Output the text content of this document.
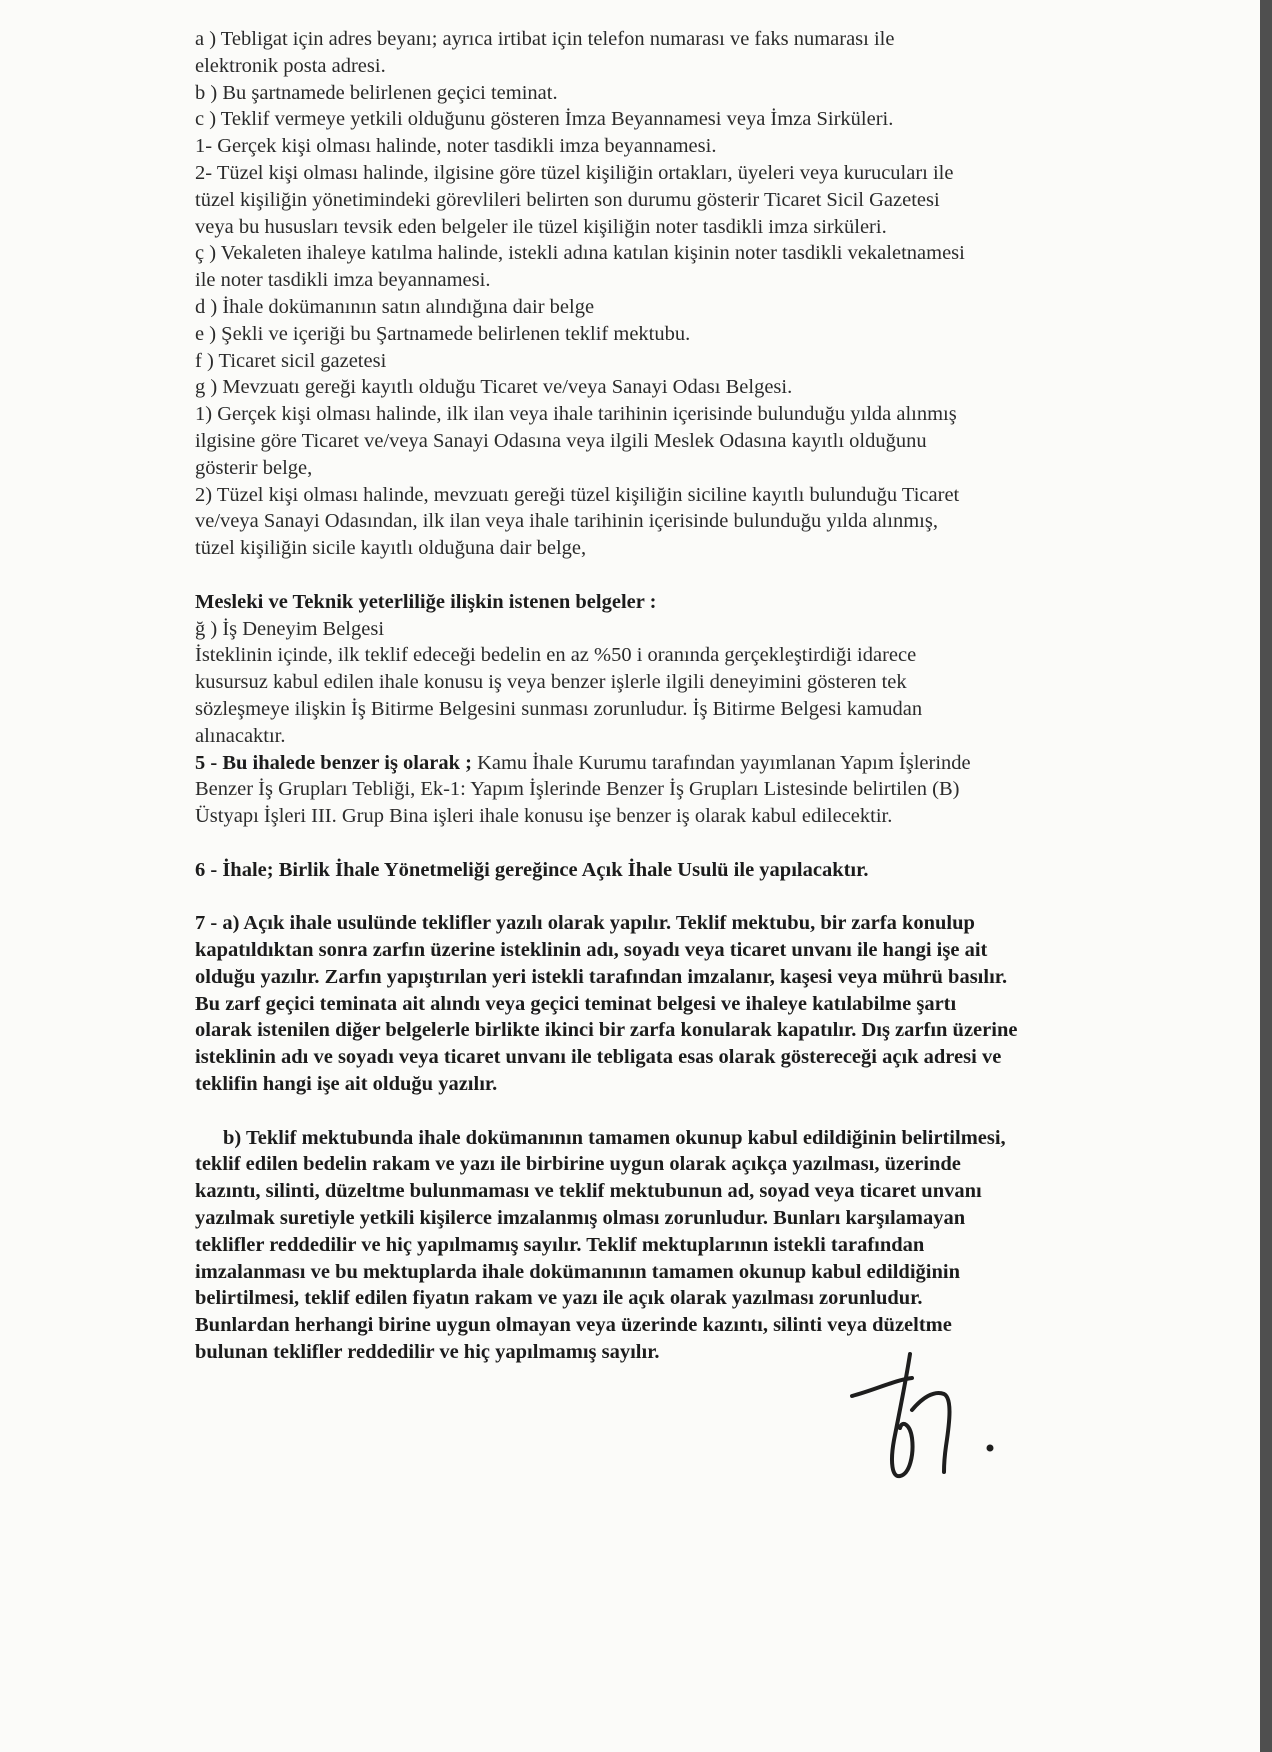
a ) Tebligat için adres beyanı; ayrıca irtibat için telefon numarası ve faks numarası ile
elektronik posta adresi.
b ) Bu şartnamede belirlenen geçici teminat.
c ) Teklif vermeye yetkili olduğunu gösteren İmza Beyannamesi veya İmza Sirküleri.
1- Gerçek kişi olması halinde, noter tasdikli imza beyannamesi.
2- Tüzel kişi olması halinde, ilgisine göre tüzel kişiliğin ortakları, üyeleri veya kurucuları ile
tüzel kişiliğin yönetimindeki görevlileri belirten son durumu gösterir Ticaret Sicil Gazetesi
veya bu hususları tevsik eden belgeler ile tüzel kişiliğin noter tasdikli imza sirküleri.
ç ) Vekaleten ihaleye katılma halinde, istekli adına katılan kişinin noter tasdikli vekaletnamesi
ile noter tasdikli imza beyannamesi.
d ) İhale dokümanının satın alındığına dair belge
e ) Şekli ve içeriği bu Şartnamede belirlenen teklif mektubu.
f ) Ticaret sicil gazetesi
g ) Mevzuatı gereği kayıtlı olduğu Ticaret ve/veya Sanayi Odası Belgesi.
1) Gerçek kişi olması halinde, ilk ilan veya ihale tarihinin içerisinde bulunduğu yılda alınmış
ilgisine göre Ticaret ve/veya Sanayi Odasına veya ilgili Meslek Odasına kayıtlı olduğunu
gösterir belge,
2) Tüzel kişi olması halinde, mevzuatı gereği tüzel kişiliğin siciline kayıtlı bulunduğu Ticaret
ve/veya Sanayi Odasından, ilk ilan veya ihale tarihinin içerisinde bulunduğu yılda alınmış,
tüzel kişiliğin sicile kayıtlı olduğuna dair belge,
Mesleki ve Teknik yeterliliğe ilişkin istenen belgeler :
ğ ) İş Deneyim Belgesi
İsteklinin içinde, ilk teklif edeceği bedelin en az %50 i oranında gerçekleştirdiği idarece
kusursuz kabul edilen ihale konusu iş veya benzer işlerle ilgili deneyimini gösteren tek
sözleşmeye ilişkin İş Bitirme Belgesini sunması zorunludur. İş Bitirme Belgesi kamudan
alınacaktır.
5 - Bu ihalede benzer iş olarak ; Kamu İhale Kurumu tarafından yayımlanan Yapım İşlerinde
Benzer İş Grupları Tebliği, Ek-1: Yapım İşlerinde Benzer İş Grupları Listesinde belirtilen (B)
Üstyapı İşleri III. Grup Bina işleri ihale konusu işe benzer iş olarak kabul edilecektir.
6 - İhale; Birlik İhale Yönetmeliği gereğince Açık İhale Usulü ile yapılacaktır.
7 - a) Açık ihale usulünde teklifler yazılı olarak yapılır. Teklif mektubu, bir zarfa konulup
kapatıldıktan sonra zarfın üzerine isteklinin adı, soyadı veya ticaret unvanı ile hangi işe ait
olduğu yazılır. Zarfın yapıştırılan yeri istekli tarafından imzalanır, kaşesi veya mührü basılır.
Bu zarf geçici teminata ait alındı veya geçici teminat belgesi ve ihaleye katılabilme şartı
olarak istenilen diğer belgelerle birlikte ikinci bir zarfa konularak kapatılır. Dış zarfın üzerine
isteklinin adı ve soyadı veya ticaret unvanı ile tebligata esas olarak göstereceği açık adresi ve
teklifin hangi işe ait olduğu yazılır.
b) Teklif mektubunda ihale dokümanının tamamen okunup kabul edildiğinin belirtilmesi,
teklif edilen bedelin rakam ve yazı ile birbirine uygun olarak açıkça yazılması, üzerinde
kazıntı, silinti, düzeltme bulunmaması ve teklif mektubunun ad, soyad veya ticaret unvanı
yazılmak suretiyle yetkili kişilerce imzalanmış olması zorunludur. Bunları karşılamayan
teklifler reddedilir ve hiç yapılmamış sayılır. Teklif mektuplarının istekli tarafından
imzalanması ve bu mektuplarda ihale dokümanının tamamen okunup kabul edildiğinin
belirtilmesi, teklif edilen fiyatın rakam ve yazı ile açık olarak yazılması zorunludur.
Bunlardan herhangi birine uygun olmayan veya üzerinde kazıntı, silinti veya düzeltme
bulunan teklifler reddedilir ve hiç yapılmamış sayılır.
